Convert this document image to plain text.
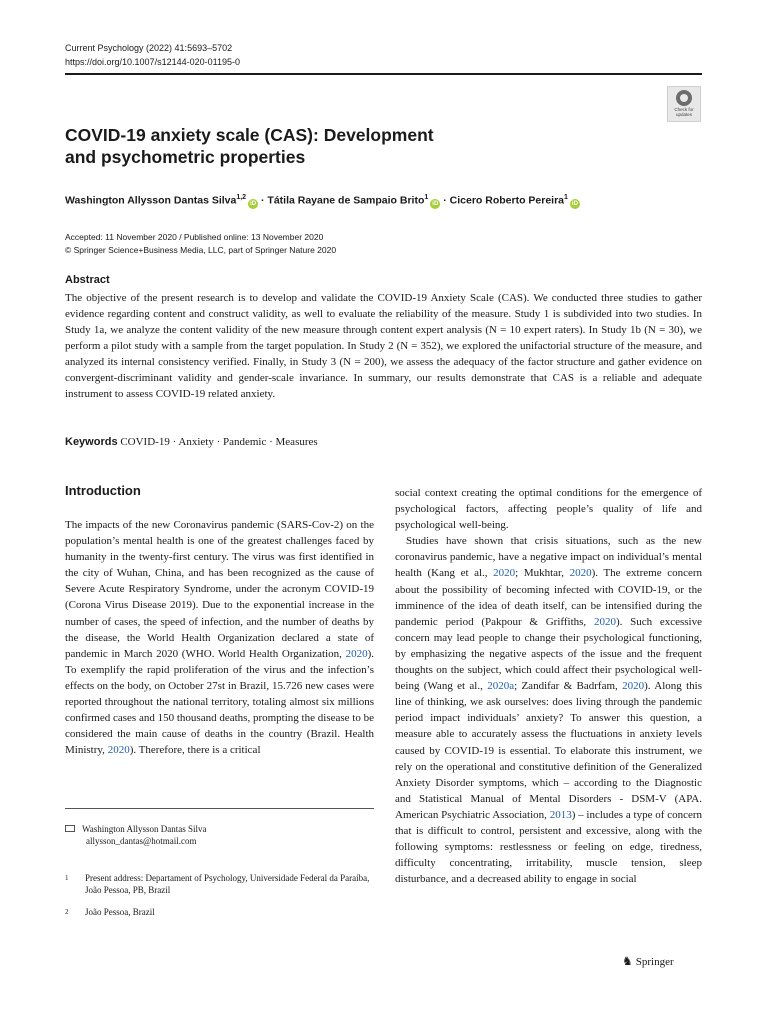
Current Psychology (2022) 41:5693–5702
https://doi.org/10.1007/s12144-020-01195-0
Check for
updates
COVID-19 anxiety scale (CAS): Development
and psychometric properties
Washington Allysson Dantas Silva$^{1,2}$iD · Tátila Rayane de Sampaio Brito$^1$iD · Cicero Roberto Pereira$^1$iD
Accepted: 11 November 2020 / Published online: 13 November 2020
© Springer Science+Business Media, LLC, part of Springer Nature 2020
Abstract
The objective of the present research is to develop and validate the COVID-19 Anxiety Scale (CAS). We conducted three studies to gather evidence regarding content and construct validity, as well to evaluate the reliability of the measure. Study 1 is subdivided into two studies. In Study 1a, we analyze the content validity of the new measure through content expert analysis (N = 10 expert raters). In Study 1b (N = 30), we perform a pilot study with a sample from the target population. In Study 2 (N = 352), we explored the unifactorial structure of the measure, and analyzed its internal consistency verified. Finally, in Study 3 (N = 200), we assess the adequacy of the factor structure and gather evidence on convergent-discriminant validity and gender-scale invariance. In summary, our results demonstrate that CAS is a reliable and adequate instrument to assess COVID-19 related anxiety.
Keywords COVID-19 · Anxiety · Pandemic · Measures
Introduction

The impacts of the new Coronavirus pandemic (SARS-Cov-2) on the population’s mental health is one of the greatest challenges faced by humanity in the twenty-first century. The virus was first identified in the city of Wuhan, China, and has been recognized as the cause of Severe Acute Respiratory Syndrome, under the acronym COVID-19 (Corona Virus Disease 2019). Due to the exponential increase in the number of cases, the speed of infection, and the number of deaths by the disease, the World Health Organization declared a state of pandemic in March 2020 (WHO. World Health Organization, 2020). To exemplify the rapid proliferation of the virus and the infection’s effects on the body, on October 27st in Brazil, 15.726 new cases were reported throughout the national territory, totaling almost six millions confirmed cases and 150 thousand deaths, prompting the disease to be considered the main cause of deaths in the country (Brazil. Health Ministry, 2020). Therefore, there is a critical

social context creating the optimal conditions for the emergence of psychological factors, affecting people’s quality of life and psychological well-being.

Studies have shown that crisis situations, such as the new coronavirus pandemic, have a negative impact on individual’s mental health (Kang et al., 2020; Mukhtar, 2020). The extreme concern about the possibility of becoming infected with COVID-19, or the imminence of the idea of death itself, can be intensified during the pandemic period (Pakpour & Griffiths, 2020). Such excessive concern may lead people to change their psychological functioning, by emphasizing the negative aspects of the issue and the frequent thoughts on the subject, which could affect their psychological well-being (Wang et al., 2020a; Zandifar & Badrfam, 2020). Along this line of thinking, we ask ourselves: does living through the pandemic period impact individuals’ anxiety? To answer this question, a measure able to accurately assess the fluctuations in anxiety levels caused by COVID-19 is essential. To elaborate this instrument, we rely on the operational and constitutive definition of the Generalized Anxiety Disorder symptoms, which – according to the Diagnostic and Statistical Manual of Mental Disorders - DSM-V (APA. American Psychiatric Association, 2013) – includes a type of concern that is difficult to control, persistent and excessive, along with the following symptoms: restlessness or feeling on edge, tiredness, difficulty concentrating, irritability, muscle tension, sleep disturbance, and a decreased ability to engage in social

Washington Allysson Dantas Silva
allysson_dantas@hotmail.com
1 Present address: Departament of Psychology, Universidade Federal da Paraíba, João Pessoa, PB, Brazil
2 João Pessoa, Brazil
♞ Springer
